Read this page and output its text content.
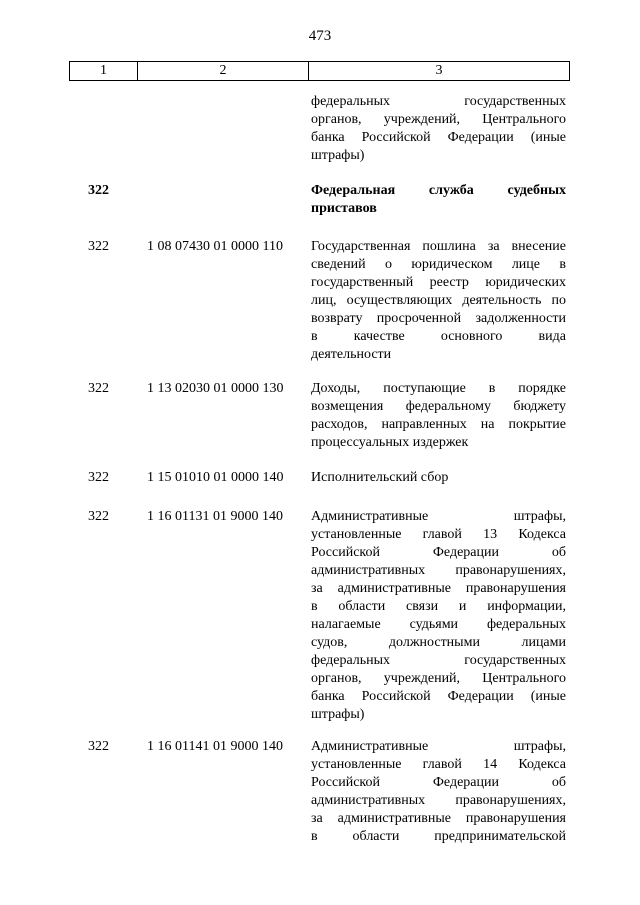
473
1	2	3
федеральных государственных
органов, учреждений, Центрального
банка Российской Федерации (иные
штрафы)
322	Федеральная служба судебных
приставов
322	1 08 07430 01 0000 110 Государственная пошлина за внесение
сведений о юридическом лице в
государственный реестр юридических
лиц, осуществляющих деятельность по
возврату просроченной задолженности
в качестве основного вида
деятельности
322	1 13 02030 01 0000 130 Доходы, поступающие в порядке
возмещения федеральному бюджету
расходов, направленных на покрытие
процессуальных издержек
322	1 15 01010 01 0000 140 Исполнительский сбор
322	1 16 01131 01 9000 140 Административные штрафы,
установленные главой 13 Кодекса
Российской Федерации об
административных правонарушениях,
за административные правонарушения
в области связи и информации,
налагаемые судьями федеральных
судов, должностными лицами
федеральных государственных
органов, учреждений, Центрального
банка Российской Федерации (иные
штрафы)
322	1 16 01141 01 9000 140 Административные штрафы,
установленные главой 14 Кодекса
Российской Федерации об
административных правонарушениях,
за административные правонарушения
в области предпринимательской
